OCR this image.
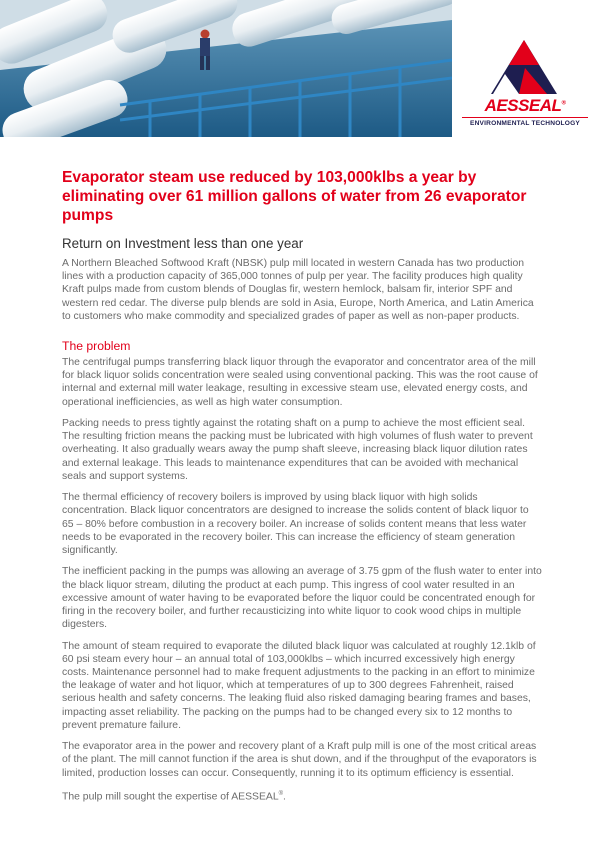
AESSEAL®
ENVIRONMENTAL TECHNOLOGY
Evaporator steam use reduced by 103,000klbs a year by eliminating over 61 million gallons of water from 26 evaporator pumps
Return on Investment less than one year

A Northern Bleached Softwood Kraft (NBSK) pulp mill located in western Canada has two production lines with a production capacity of 365,000 tonnes of pulp per year. The facility produces high quality Kraft pulps made from custom blends of Douglas fir, western hemlock, balsam fir, interior SPF and western red cedar. The diverse pulp blends are sold in Asia, Europe, North America, and Latin America to customers who make commodity and specialized grades of paper as well as non-paper products.

The problem

The centrifugal pumps transferring black liquor through the evaporator and concentrator area of the mill for black liquor solids concentration were sealed using conventional packing. This was the root cause of internal and external mill water leakage, resulting in excessive steam use, elevated energy costs, and operational inefficiencies, as well as high water consumption.

Packing needs to press tightly against the rotating shaft on a pump to achieve the most efficient seal. The resulting friction means the packing must be lubricated with high volumes of flush water to prevent overheating. It also gradually wears away the pump shaft sleeve, increasing black liquor dilution rates and external leakage. This leads to maintenance expenditures that can be avoided with mechanical seals and support systems.

The thermal efficiency of recovery boilers is improved by using black liquor with high solids concentration. Black liquor concentrators are designed to increase the solids content of black liquor to 65 – 80% before combustion in a recovery boiler. An increase of solids content means that less water needs to be evaporated in the recovery boiler. This can increase the efficiency of steam generation significantly.

The inefficient packing in the pumps was allowing an average of 3.75 gpm of the flush water to enter into the black liquor stream, diluting the product at each pump. This ingress of cool water resulted in an excessive amount of water having to be evaporated before the liquor could be concentrated enough for firing in the recovery boiler, and further recausticizing into white liquor to cook wood chips in multiple digesters.

The amount of steam required to evaporate the diluted black liquor was calculated at roughly 12.1klb of 60 psi steam every hour – an annual total of 103,000klbs – which incurred excessively high energy costs. Maintenance personnel had to make frequent adjustments to the packing in an effort to minimize the leakage of water and hot liquor, which at temperatures of up to 300 degrees Fahrenheit, raised serious health and safety concerns. The leaking fluid also risked damaging bearing frames and bases, impacting asset reliability. The packing on the pumps had to be changed every six to 12 months to prevent premature failure.

The evaporator area in the power and recovery plant of a Kraft pulp mill is one of the most critical areas of the plant. The mill cannot function if the area is shut down, and if the throughput of the evaporators is limited, production losses can occur. Consequently, running it to its optimum efficiency is essential.

The pulp mill sought the expertise of AESSEAL®.
